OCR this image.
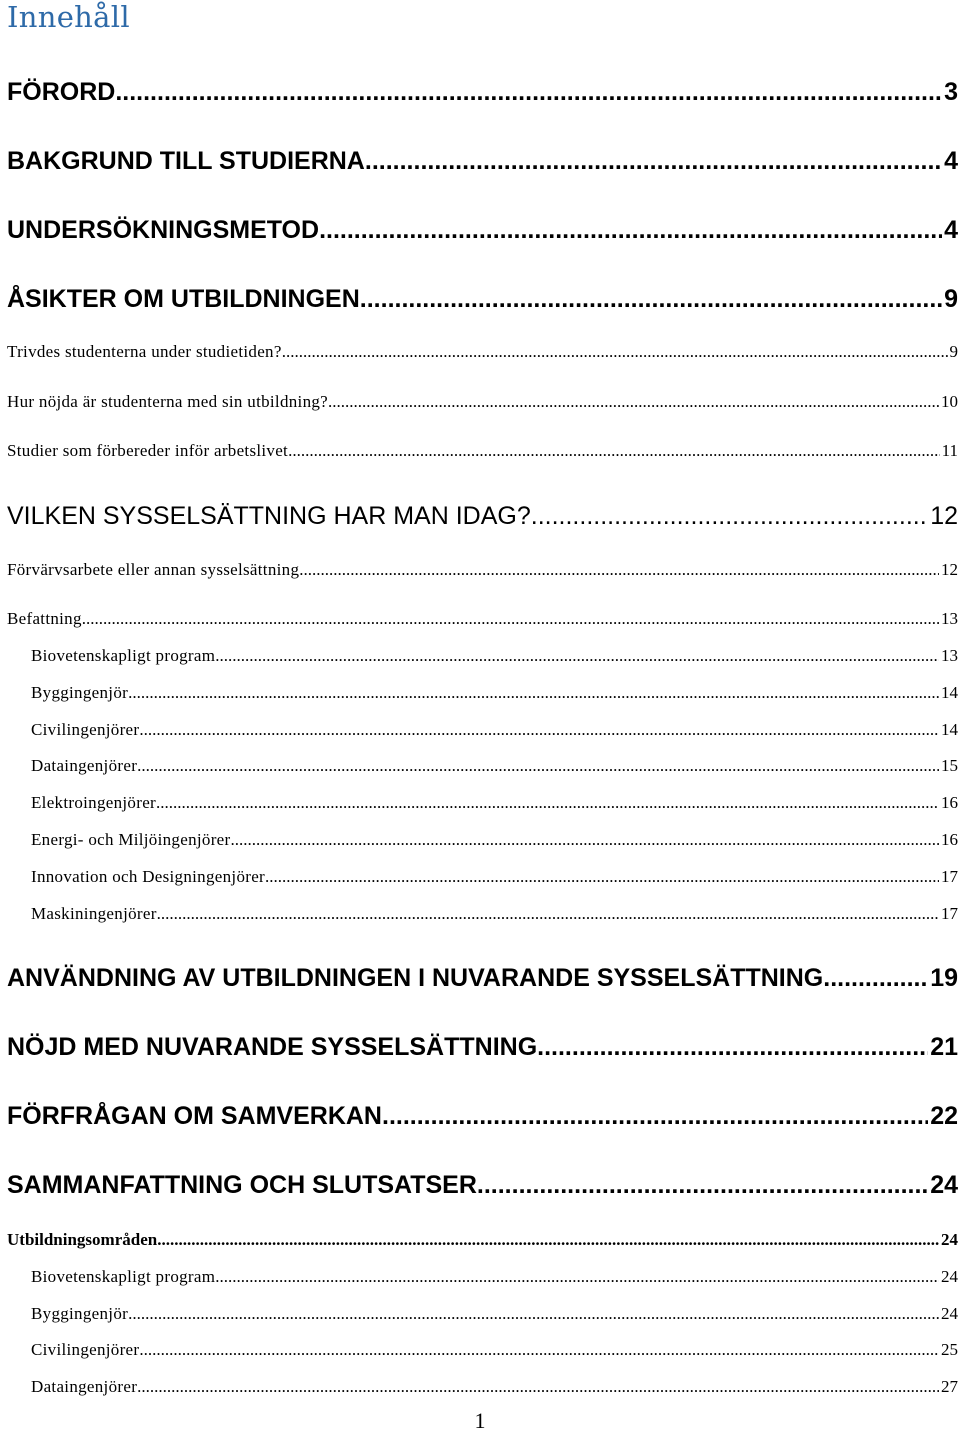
Innehåll
FÖRORD .....	3
BAKGRUND TILL STUDIERNA .....	4
UNDERSÖKNINGSMETOD .....	4
ÅSIKTER OM UTBILDNINGEN .....	9
Trivdes studenterna under studietiden? .....	9
Hur nöjda är studenterna med sin utbildning? .....	10
Studier som förbereder inför arbetslivet .....	11
VILKEN SYSSELSÄTTNING HAR MAN IDAG? .....	12
Förvärvsarbete eller annan sysselsättning .....	12
Befattning .....	13
Biovetenskapligt program .....	13
Byggingenjör .....	14
Civilingenjörer .....	14
Dataingenjörer .....	15
Elektroingenjörer .....	16
Energi- och Miljöingenjörer .....	16
Innovation och Designingenjörer .....	17
Maskiningenjörer .....	17
ANVÄNDNING AV UTBILDNINGEN I NUVARANDE SYSSELSÄTTNING .....	19
NÖJD MED NUVARANDE SYSSELSÄTTNING .....	21
FÖRFRÅGAN OM SAMVERKAN .....	22
SAMMANFATTNING OCH SLUTSATSER .....	24
Utbildningsområden .....	24
Biovetenskapligt program .....	24
Byggingenjör .....	24
Civilingenjörer .....	25
Dataingenjörer .....	27
1
